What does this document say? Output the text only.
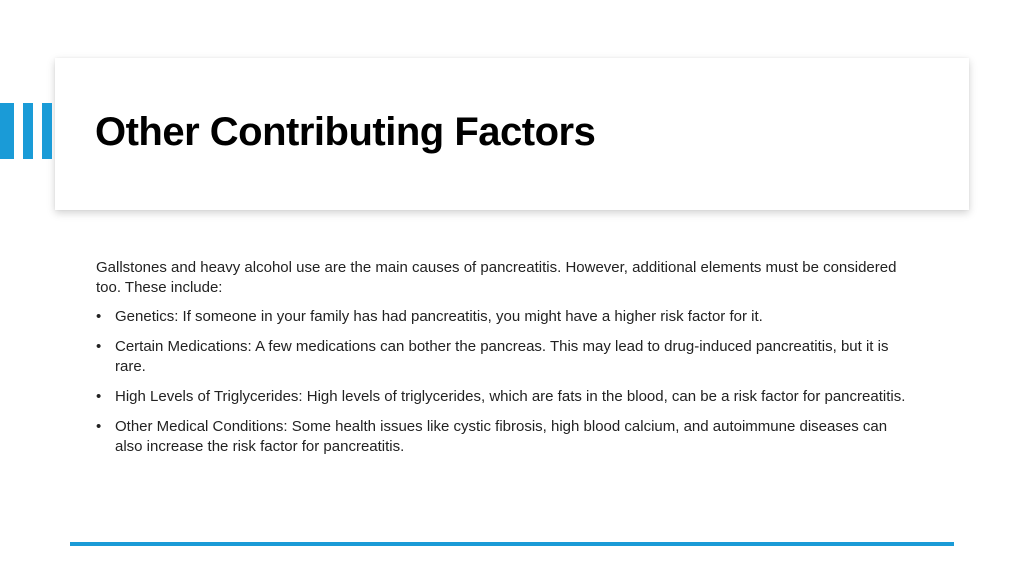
Other Contributing Factors

Gallstones and heavy alcohol use are the main causes of pancreatitis. However, additional elements must be considered too. These include:

• Genetics: If someone in your family has had pancreatitis, you might have a higher risk factor for it.
• Certain Medications: A few medications can bother the pancreas. This may lead to drug-induced pancreatitis, but it is rare.
• High Levels of Triglycerides: High levels of triglycerides, which are fats in the blood, can be a risk factor for pancreatitis.
• Other Medical Conditions: Some health issues like cystic fibrosis, high blood calcium, and autoimmune diseases can also increase the risk factor for pancreatitis.
